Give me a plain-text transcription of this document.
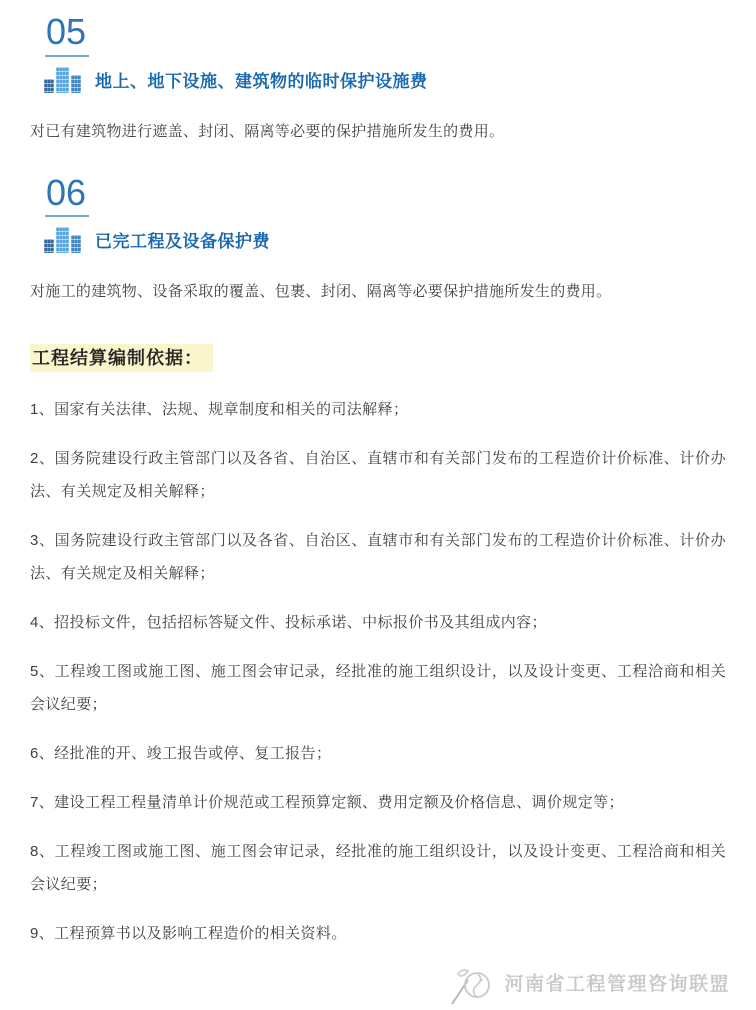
05
地上、地下设施、建筑物的临时保护设施费

对已有建筑物进行遮盖、封闭、隔离等必要的保护措施所发生的费用。

06
已完工程及设备保护费

对施工的建筑物、设备采取的覆盖、包裹、封闭、隔离等必要保护措施所发生的费用。

工程结算编制依据：

1、国家有关法律、法规、规章制度和相关的司法解释；

2、国务院建设行政主管部门以及各省、自治区、直辖市和有关部门发布的工程造价计价标准、计价办法、有关规定及相关解释；

3、国务院建设行政主管部门以及各省、自治区、直辖市和有关部门发布的工程造价计价标准、计价办法、有关规定及相关解释；

4、招投标文件，包括招标答疑文件、投标承诺、中标报价书及其组成内容；

5、工程竣工图或施工图、施工图会审记录，经批准的施工组织设计，以及设计变更、工程洽商和相关会议纪要；

6、经批准的开、竣工报告或停、复工报告；

7、建设工程工程量清单计价规范或工程预算定额、费用定额及价格信息、调价规定等；

8、工程竣工图或施工图、施工图会审记录，经批准的施工组织设计，以及设计变更、工程洽商和相关会议纪要；

9、工程预算书以及影响工程造价的相关资料。

河南省工程管理咨询联盟
